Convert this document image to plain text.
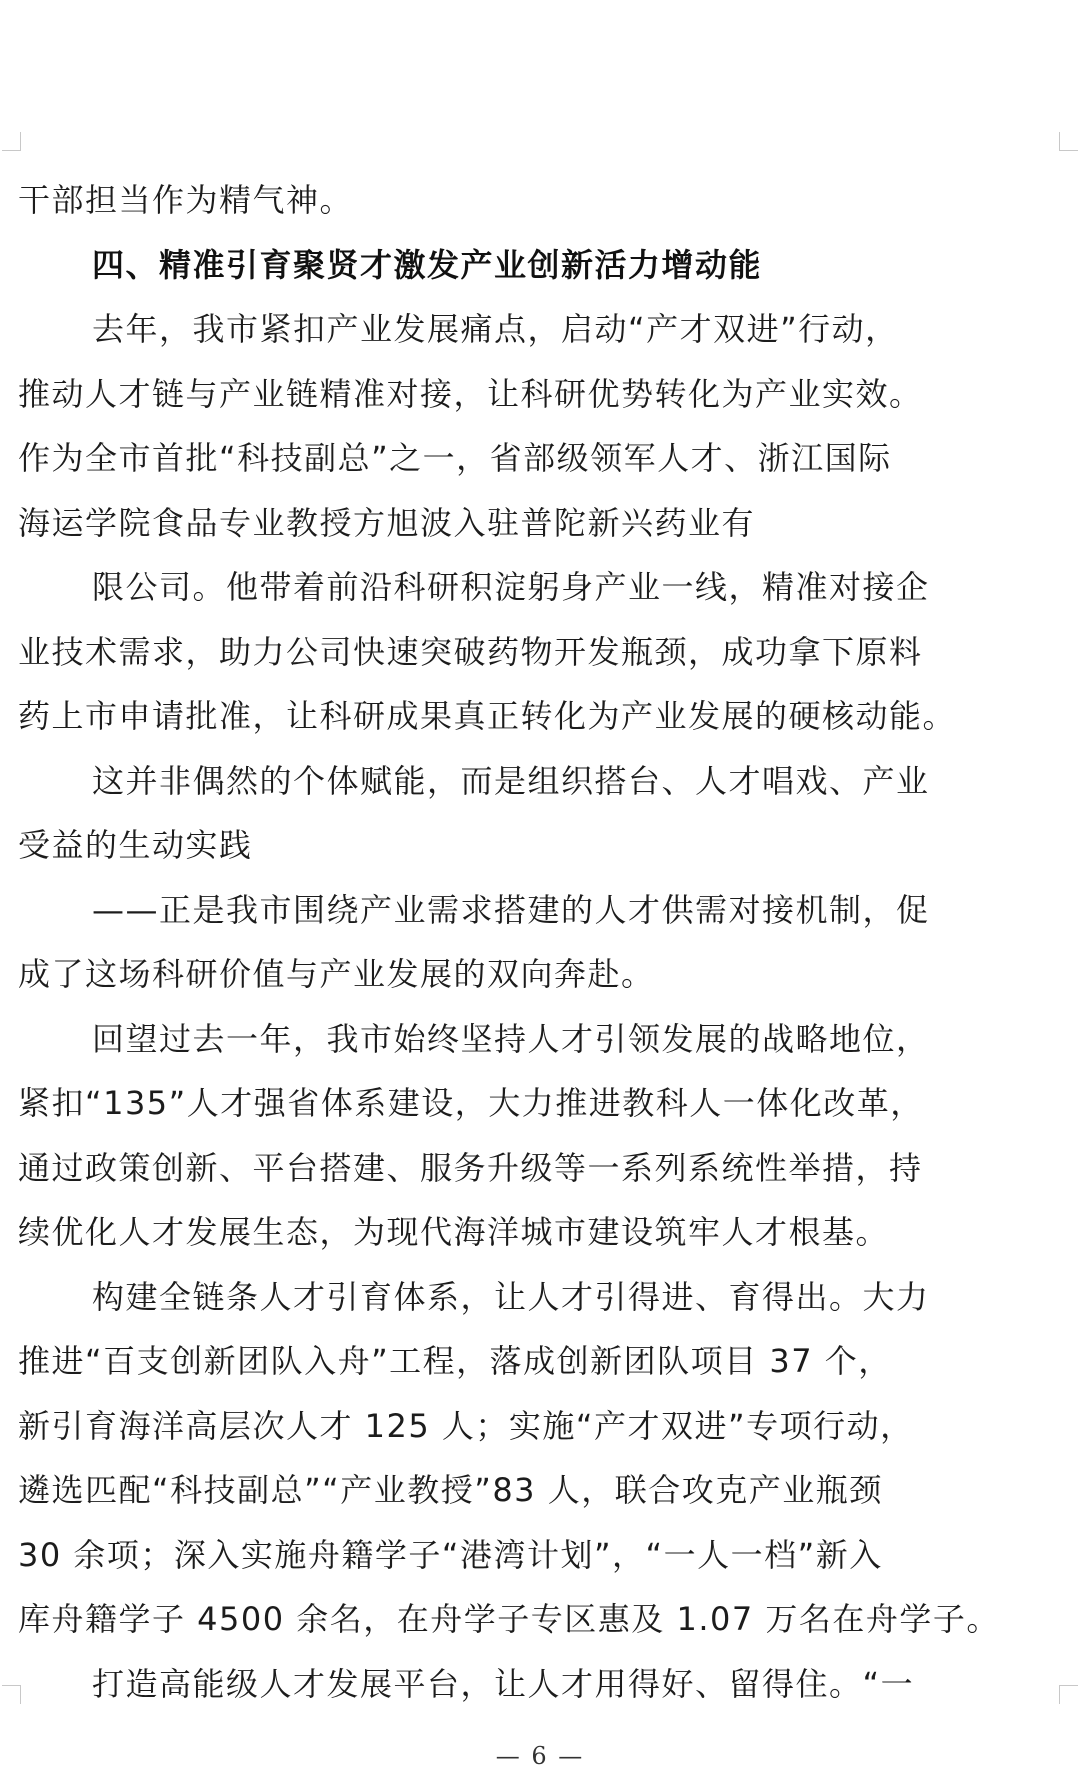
干部担当作为精气神。
四、精准引育聚贤才激发产业创新活力增动能
去年，我市紧扣产业发展痛点，启动“产才双进”行动，
推动人才链与产业链精准对接，让科研优势转化为产业实效。
作为全市首批“科技副总”之一，省部级领军人才、浙江国际
海运学院食品专业教授方旭波入驻普陀新兴药业有
限公司。他带着前沿科研积淀躬身产业一线，精准对接企
业技术需求，助力公司快速突破药物开发瓶颈，成功拿下原料
药上市申请批准，让科研成果真正转化为产业发展的硬核动能。
这并非偶然的个体赋能，而是组织搭台、人才唱戏、产业
受益的生动实践
——正是我市围绕产业需求搭建的人才供需对接机制，促
成了这场科研价值与产业发展的双向奔赴。
回望过去一年，我市始终坚持人才引领发展的战略地位，
紧扣“135”人才强省体系建设，大力推进教科人一体化改革，
通过政策创新、平台搭建、服务升级等一系列系统性举措，持
续优化人才发展生态，为现代海洋城市建设筑牢人才根基。
构建全链条人才引育体系，让人才引得进、育得出。大力
推进“百支创新团队入舟”工程，落成创新团队项目 37 个，
新引育海洋高层次人才 125 人；实施“产才双进”专项行动，
遴选匹配“科技副总”“产业教授”83 人，联合攻克产业瓶颈
30 余项；深入实施舟籍学子“港湾计划”，“一人一档”新入
库舟籍学子 4500 余名，在舟学子专区惠及 1.07 万名在舟学子。
打造高能级人才发展平台，让人才用得好、留得住。“一
— 6 —
